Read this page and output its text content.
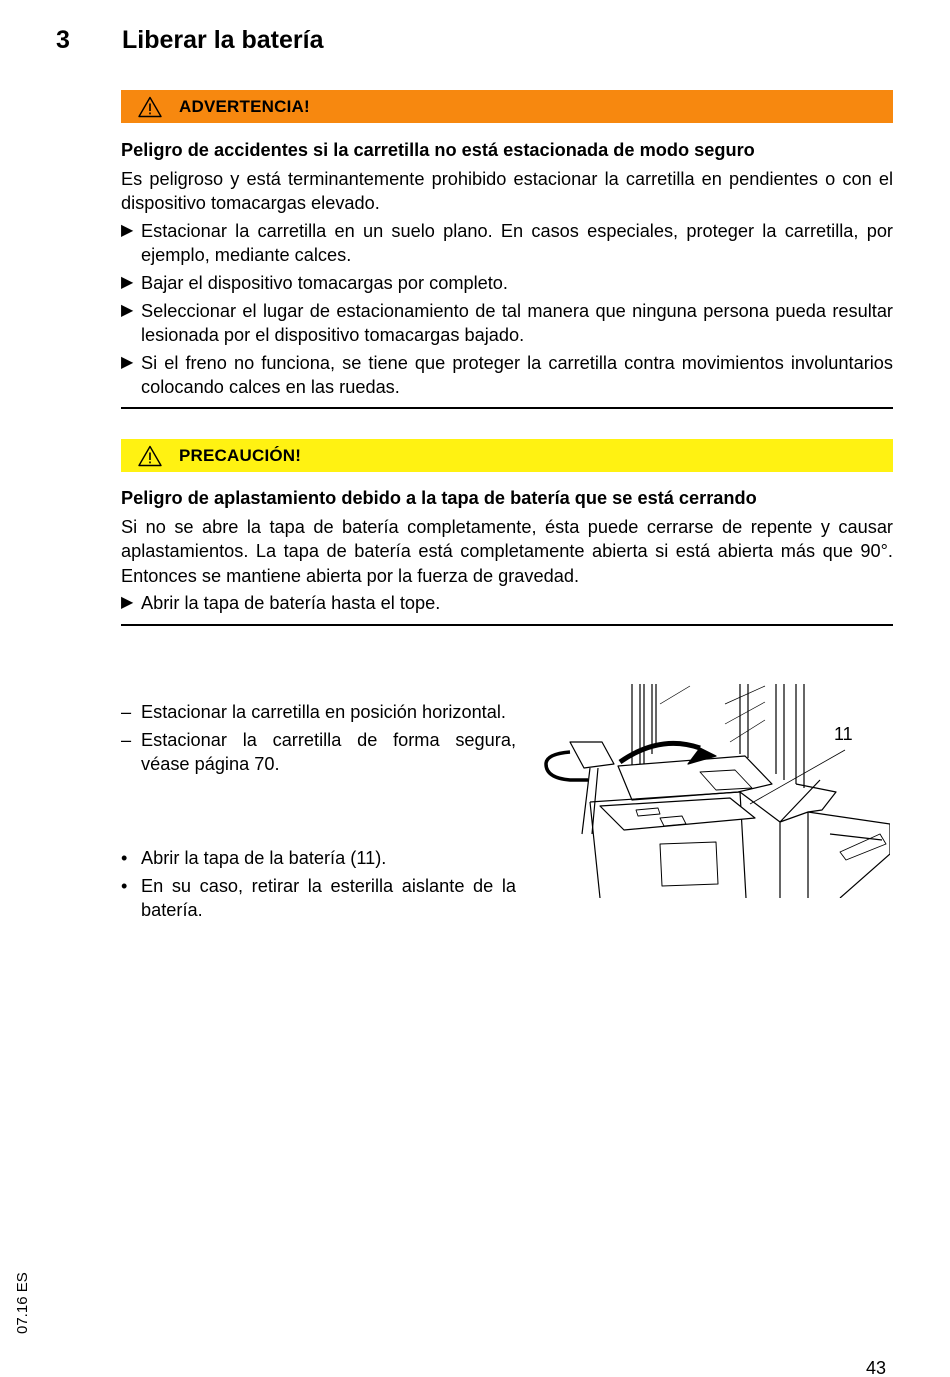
3	Liberar la batería
ADVERTENCIA!
Peligro de accidentes si la carretilla no está estacionada de modo seguro

Es peligroso y está terminantemente prohibido estacionar la carretilla en pendientes o con el dispositivo tomacargas elevado.

▶ Estacionar la carretilla en un suelo plano. En casos especiales, proteger la carretilla, por ejemplo, mediante calces.
▶ Bajar el dispositivo tomacargas por completo.
▶ Seleccionar el lugar de estacionamiento de tal manera que ninguna persona pueda resultar lesionada por el dispositivo tomacargas bajado.
▶ Si el freno no funciona, se tiene que proteger la carretilla contra movimientos involuntarios colocando calces en las ruedas.
PRECAUCIÓN!
Peligro de aplastamiento debido a la tapa de batería que se está cerrando

Si no se abre la tapa de batería completamente, ésta puede cerrarse de repente y causar aplastamientos. La tapa de batería está completamente abierta si está abierta más que 90°. Entonces se mantiene abierta por la fuerza de gravedad.

▶ Abrir la tapa de batería hasta el tope.
– Estacionar la carretilla en posición horizontal.
– Estacionar la carretilla de forma segura, véase página 70.
• Abrir la tapa de la batería (11).
• En su caso, retirar la esterilla aislante de la batería.
11
07.16 ES
43
